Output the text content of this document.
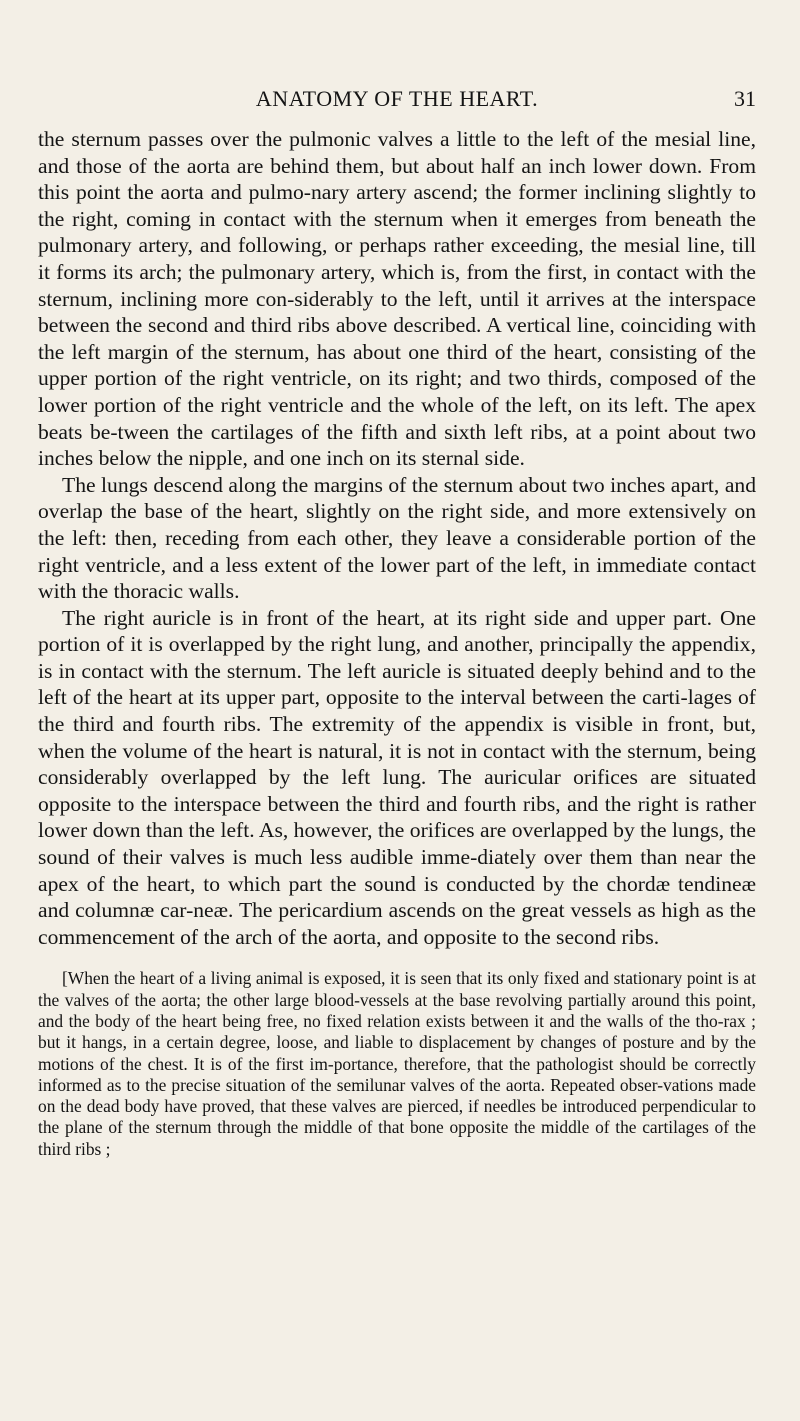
ANATOMY OF THE HEART.	31

the sternum passes over the pulmonic valves a little to the left of the mesial line, and those of the aorta are behind them, but about half an inch lower down. From this point the aorta and pulmo-nary artery ascend; the former inclining slightly to the right, coming in contact with the sternum when it emerges from beneath the pulmonary artery, and following, or perhaps rather exceeding, the mesial line, till it forms its arch; the pulmonary artery, which is, from the first, in contact with the sternum, inclining more con-siderably to the left, until it arrives at the interspace between the second and third ribs above described. A vertical line, coinciding with the left margin of the sternum, has about one third of the heart, consisting of the upper portion of the right ventricle, on its right; and two thirds, composed of the lower portion of the right ventricle and the whole of the left, on its left. The apex beats be-tween the cartilages of the fifth and sixth left ribs, at a point about two inches below the nipple, and one inch on its sternal side.

The lungs descend along the margins of the sternum about two inches apart, and overlap the base of the heart, slightly on the right side, and more extensively on the left: then, receding from each other, they leave a considerable portion of the right ventricle, and a less extent of the lower part of the left, in immediate contact with the thoracic walls.

The right auricle is in front of the heart, at its right side and upper part. One portion of it is overlapped by the right lung, and another, principally the appendix, is in contact with the sternum. The left auricle is situated deeply behind and to the left of the heart at its upper part, opposite to the interval between the carti-lages of the third and fourth ribs. The extremity of the appendix is visible in front, but, when the volume of the heart is natural, it is not in contact with the sternum, being considerably overlapped by the left lung. The auricular orifices are situated opposite to the interspace between the third and fourth ribs, and the right is rather lower down than the left. As, however, the orifices are overlapped by the lungs, the sound of their valves is much less audible imme-diately over them than near the apex of the heart, to which part the sound is conducted by the chordæ tendineæ and columnæ car-neæ. The pericardium ascends on the great vessels as high as the commencement of the arch of the aorta, and opposite to the second ribs.

[When the heart of a living animal is exposed, it is seen that its only fixed and stationary point is at the valves of the aorta; the other large blood-vessels at the base revolving partially around this point, and the body of the heart being free, no fixed relation exists between it and the walls of the tho-rax ; but it hangs, in a certain degree, loose, and liable to displacement by changes of posture and by the motions of the chest. It is of the first im-portance, therefore, that the pathologist should be correctly informed as to the precise situation of the semilunar valves of the aorta. Repeated obser-vations made on the dead body have proved, that these valves are pierced, if needles be introduced perpendicular to the plane of the sternum through the middle of that bone opposite the middle of the cartilages of the third ribs ;
